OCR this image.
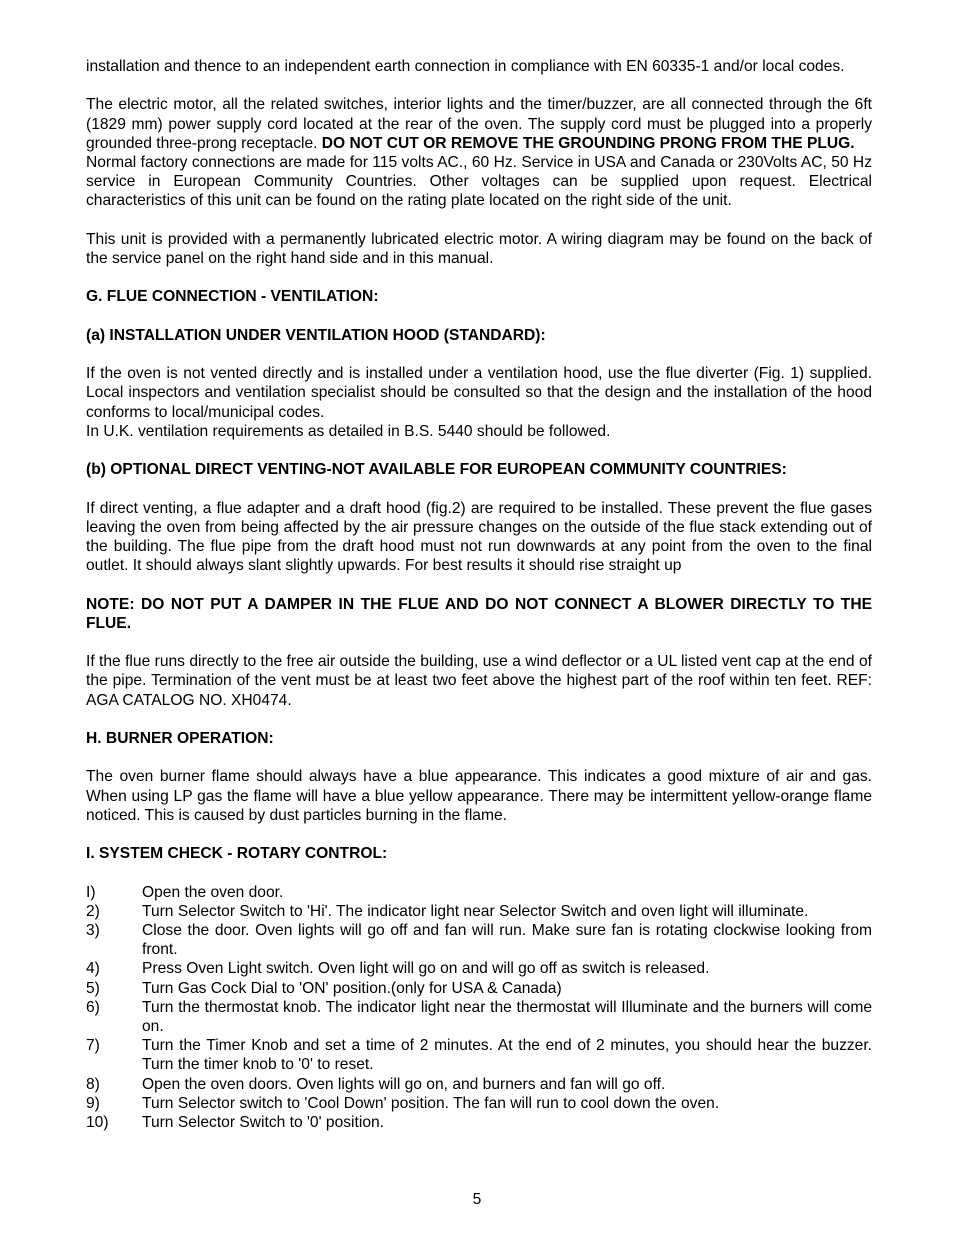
installation and thence to an independent earth connection in compliance with EN 60335-1 and/or local codes.

The electric motor, all the related switches, interior lights and the timer/buzzer, are all connected through the 6ft (1829 mm) power supply cord located at the rear of the oven. The supply cord must be plugged into a properly grounded three-prong receptacle. DO NOT CUT OR REMOVE THE GROUNDING PRONG FROM THE PLUG.

Normal factory connections are made for 115 volts AC., 60 Hz. Service in USA and Canada or 230Volts AC, 50 Hz service in European Community Countries. Other voltages can be supplied upon request. Electrical characteristics of this unit can be found on the rating plate located on the right side of the unit.

This unit is provided with a permanently lubricated electric motor. A wiring diagram may be found on the back of the service panel on the right hand side and in this manual.

G. FLUE CONNECTION - VENTILATION:

(a) INSTALLATION UNDER VENTILATION HOOD (STANDARD):

If the oven is not vented directly and is installed under a ventilation hood, use the flue diverter (Fig. 1) supplied. Local inspectors and ventilation specialist should be consulted so that the design and the installation of the hood conforms to local/municipal codes.

In U.K. ventilation requirements as detailed in B.S. 5440 should be followed.

(b) OPTIONAL DIRECT VENTING-NOT AVAILABLE FOR EUROPEAN COMMUNITY COUNTRIES:

If direct venting, a flue adapter and a draft hood (fig.2) are required to be installed. These prevent the flue gases leaving the oven from being affected by the air pressure changes on the outside of the flue stack extending out of the building. The flue pipe from the draft hood must not run downwards at any point from the oven to the final outlet. It should always slant slightly upwards. For best results it should rise straight up

NOTE: DO NOT PUT A DAMPER IN THE FLUE AND DO NOT CONNECT A BLOWER DIRECTLY TO THE FLUE.

If the flue runs directly to the free air outside the building, use a wind deflector or a UL listed vent cap at the end of the pipe. Termination of the vent must be at least two feet above the highest part of the roof within ten feet. REF: AGA CATALOG NO. XH0474.

H. BURNER OPERATION:

The oven burner flame should always have a blue appearance. This indicates a good mixture of air and gas. When using LP gas the flame will have a blue yellow appearance. There may be intermittent yellow-orange flame noticed. This is caused by dust particles burning in the flame.

I. SYSTEM CHECK - ROTARY CONTROL:

I)	Open the oven door.
2)	Turn Selector Switch to 'Hi'. The indicator light near Selector Switch and oven light will illuminate.
3)	Close the door. Oven lights will go off and fan will run. Make sure fan is rotating clockwise looking from front.
4)	Press Oven Light switch. Oven light will go on and will go off as switch is released.
5)	Turn Gas Cock Dial to 'ON' position.(only for USA & Canada)
6)	Turn the thermostat knob. The indicator light near the thermostat will Illuminate and the burners will come on.
7)	Turn the Timer Knob and set a time of 2 minutes. At the end of 2 minutes, you should hear the buzzer. Turn the timer knob to '0' to reset.
8)	Open the oven doors. Oven lights will go on, and burners and fan will go off.
9)	Turn Selector switch to 'Cool Down' position. The fan will run to cool down the oven.
10)	Turn Selector Switch to '0' position.
5
